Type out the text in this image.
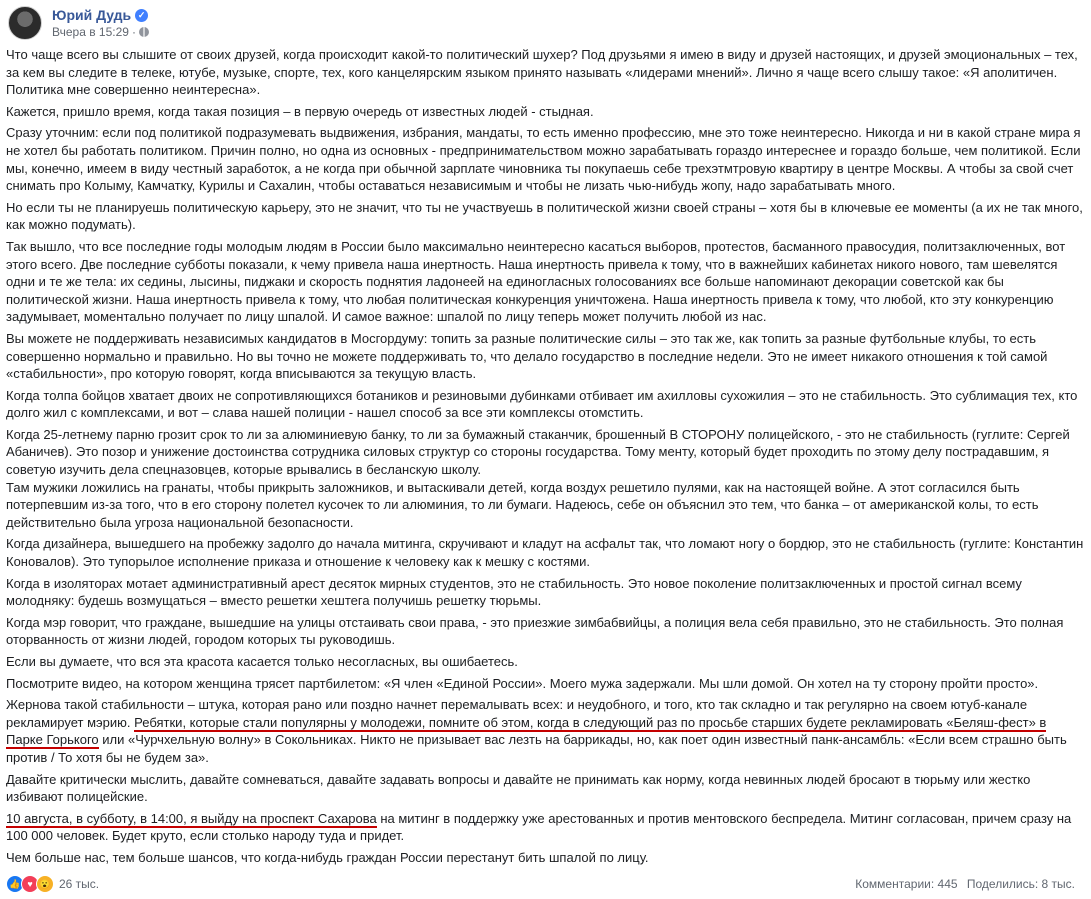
Юрий Дудь ✓
Вчера в 15:29 ·

Что чаще всего вы слышите от своих друзей, когда происходит какой-то политический шухер? Под друзьями я имею в виду и друзей настоящих, и друзей эмоциональных – тех, за кем вы следите в телеке, ютубе, музыке, спорте, тех, кого канцелярским языком принято называть «лидерами мнений». Лично я чаще всего слышу такое: «Я аполитичен. Политика мне совершенно неинтересна».

Кажется, пришло время, когда такая позиция – в первую очередь от известных людей - стыдная.

Сразу уточним: если под политикой подразумевать выдвижения, избрания, мандаты, то есть именно профессию, мне это тоже неинтересно. Никогда и ни в какой стране мира я не хотел бы работать политиком. Причин полно, но одна из основных - предпринимательством можно зарабатывать гораздо интереснее и гораздо больше, чем политикой. Если мы, конечно, имеем в виду честный заработок, а не когда при обычной зарплате чиновника ты покупаешь себе трехэтмтровую квартиру в центре Москвы. А чтобы за свой счет снимать про Колыму, Камчатку, Курилы и Сахалин, чтобы оставаться независимым и чтобы не лизать чью-нибудь жопу, надо зарабатывать много.

Но если ты не планируешь политическую карьеру, это не значит, что ты не участвуешь в политической жизни своей страны – хотя бы в ключевые ее моменты (а их не так много, как можно подумать).

Так вышло, что все последние годы молодым людям в России было максимально неинтересно касаться выборов, протестов, басманного правосудия, политзаключенных, вот этого всего. Две последние субботы показали, к чему привела наша инертность. Наша инертность привела к тому, что в важнейших кабинетах никого нового, там шевелятся одни и те же тела: их седины, лысины, пиджаки и скорость поднятия ладонеей на единогласных голосованиях все больше напоминают декорации советской как бы политической жизни. Наша инертность привела к тому, что любая политическая конкуренция уничтожена. Наша инертность привела к тому, что любой, кто эту конкуренцию задумывает, моментально получает по лицу шпалой. И самое важное: шпалой по лицу теперь может получить любой из нас.

Вы можете не поддерживать независимых кандидатов в Мосгордуму: топить за разные политические силы – это так же, как топить за разные футбольные клубы, то есть совершенно нормально и правильно. Но вы точно не можете поддерживать то, что делало государство в последние недели. Это не имеет никакого отношения к той самой «стабильности», про которую говорят, когда вписываются за текущую власть.

Когда толпа бойцов хватает двоих не сопротивляющихся ботаников и резиновыми дубинками отбивает им ахилловы сухожилия – это не стабильность. Это сублимация тех, кто долго жил с комплексами, и вот – слава нашей полиции - нашел способ за все эти комплексы отомстить.

Когда 25-летнему парню грозит срок то ли за алюминиевую банку, то ли за бумажный стаканчик, брошенный В СТОРОНУ полицейского, - это не стабильность (гуглите: Сергей Абаничев). Это позор и унижение достоинства сотрудника силовых структур со стороны государства. Тому менту, который будет проходить по этому делу пострадавшим, я советую изучить дела спецназовцев, которые врывались в бесланскую школу.

Там мужики ложились на гранаты, чтобы прикрыть заложников, и вытаскивали детей, когда воздух решетило пулями, как на настоящей войне. А этот согласился быть потерпевшим из-за того, что в его сторону полетел кусочек то ли алюминия, то ли бумаги. Надеюсь, себе он объяснил это тем, что банка – от американской колы, то есть действительно была угроза национальной безопасности.

Когда дизайнера, вышедшего на пробежку задолго до начала митинга, скручивают и кладут на асфальт так, что ломают ногу о бордюр, это не стабильность (гуглите: Константин Коновалов). Это тупорылое исполнение приказа и отношение к человеку как к мешку с костями.

Когда в изоляторах мотает административный арест десяток мирных студентов, это не стабильность. Это новое поколение политзаключенных и простой сигнал всему молодняку: будешь возмущаться – вместо решетки хештега получишь решетку тюрьмы.

Когда мэр говорит, что граждане, вышедшие на улицы отстаивать свои права, - это приезжие зимбабвийцы, а полиция вела себя правильно, это не стабильность. Это полная оторванность от жизни людей, городом которых ты руководишь.

Если вы думаете, что вся эта красота касается только несогласных, вы ошибаетесь.

Посмотрите видео, на котором женщина трясет партбилетом: «Я член «Единой России». Моего мужа задержали. Мы шли домой. Он хотел на ту сторону пройти просто».

Жернова такой стабильности – штука, которая рано или поздно начнет перемалывать всех: и неудобного, и того, кто так складно и так регулярно на своем ютуб-канале рекламирует мэрию. Ребятки, которые стали популярны у молодежи, помните об этом, когда в следующий раз по просьбе старших будете рекламировать «Беляш-фест» в Парке Горького или «Чурчхельную волну» в Сокольниках. Никто не призывает вас лезть на баррикады, но, как поет один известный панк-ансамбль: «Если всем страшно быть против / То хотя бы не будем за».

Давайте критически мыслить, давайте сомневаться, давайте задавать вопросы и давайте не принимать как норму, когда невинных людей бросают в тюрьму или жестко избивают полицейские.

10 августа, в субботу, в 14:00, я выйду на проспект Сахарова на митинг в поддержку уже арестованных и против ментовского беспредела. Митинг согласован, причем сразу на 100 000 человек. Будет круто, если столько народу туда и придет.

Чем больше нас, тем больше шансов, что когда-нибудь граждан России перестанут бить шпалой по лицу.

👍 ♥ 😮 26 тыс.	Комментарии: 445 Поделились: 8 тыс.
